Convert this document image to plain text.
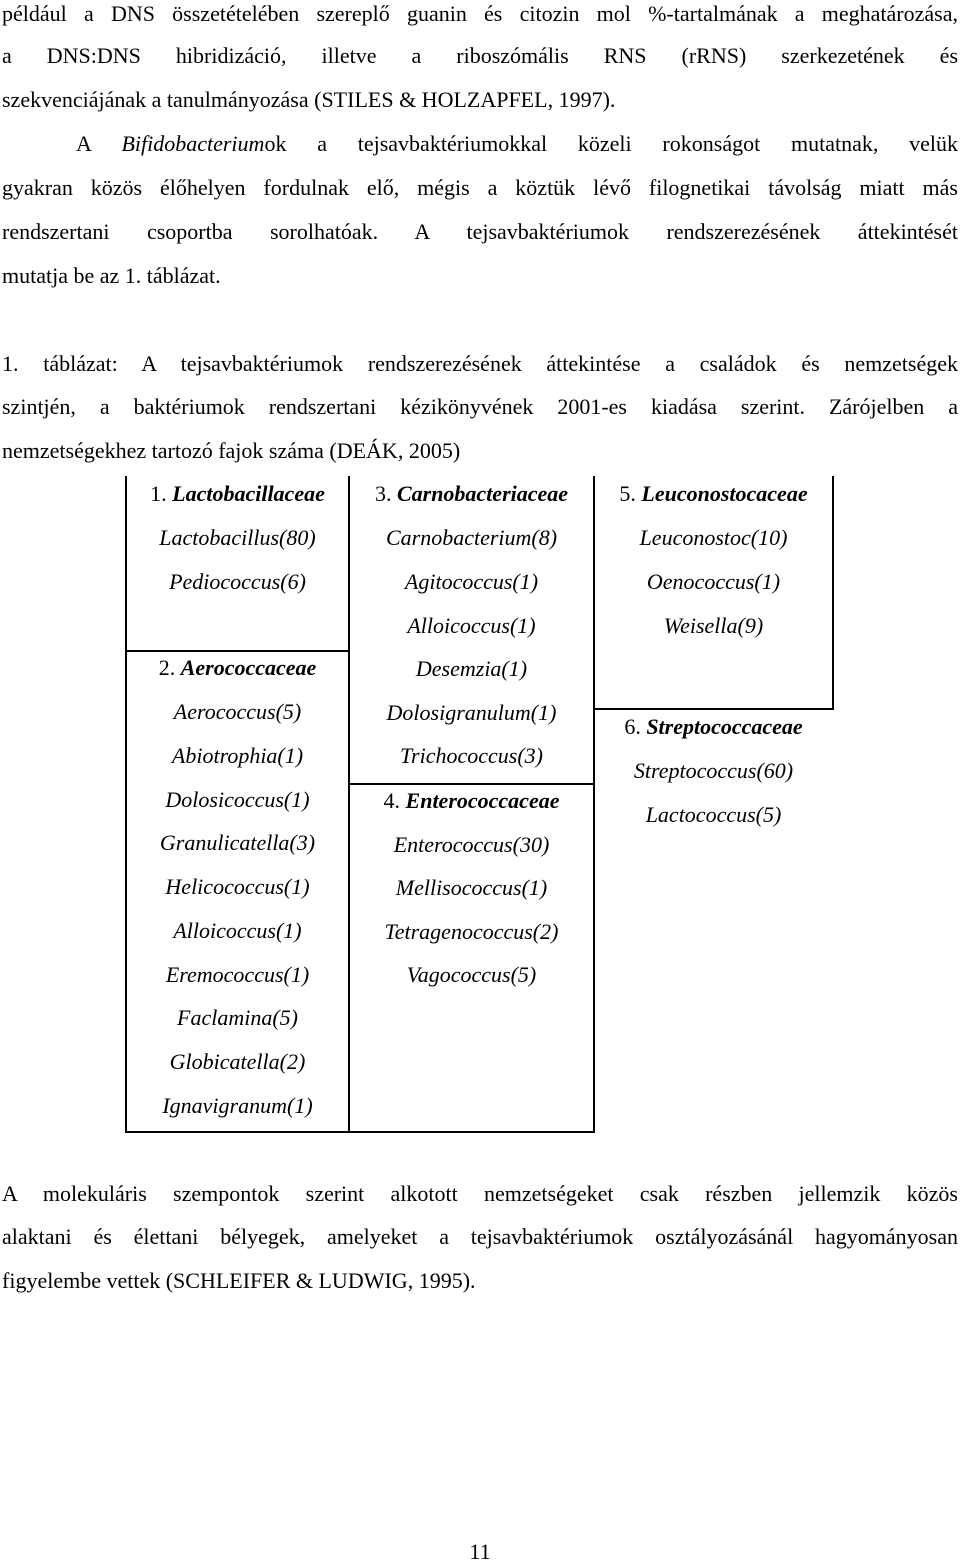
például a DNS összetételében szereplő guanin és citozin mol %-tartalmának a meghatározása,
a DNS:DNS hibridizáció, illetve a riboszómális RNS (rRNS) szerkezetének és
szekvenciájának a tanulmányozása (STILES & HOLZAPFEL, 1997).
A Bifidobacteriumok a tejsavbaktériumokkal közeli rokonságot mutatnak, velük
gyakran közös élőhelyen fordulnak elő, mégis a köztük lévő filognetikai távolság miatt más
rendszertani csoportba sorolhatóak. A tejsavbaktériumok rendszerezésének áttekintését
mutatja be az 1. táblázat.
1. táblázat: A tejsavbaktériumok rendszerezésének áttekintése a családok és nemzetségek
szintjén, a baktériumok rendszertani kézikönyvének 2001-es kiadása szerint. Zárójelben a
nemzetségekhez tartozó fajok száma (DEÁK, 2005)
1. Lactobacillaceae
Lactobacillus(80)
Pediococcus(6)
2. Aerococcaceae
Aerococcus(5)
Abiotrophia(1)
Dolosicoccus(1)
Granulicatella(3)
Helicococcus(1)
Alloicoccus(1)
Eremococcus(1)
Faclamina(5)
Globicatella(2)
Ignavigranum(1)
3. Carnobacteriaceae
Carnobacterium(8)
Agitococcus(1)
Alloicoccus(1)
Desemzia(1)
Dolosigranulum(1)
Trichococcus(3)
4. Enterococcaceae
Enterococcus(30)
Mellisococcus(1)
Tetragenococcus(2)
Vagococcus(5)
5. Leuconostocaceae
Leuconostoc(10)
Oenococcus(1)
Weisella(9)
6. Streptococcaceae
Streptococcus(60)
Lactococcus(5)
A molekuláris szempontok szerint alkotott nemzetségeket csak részben jellemzik közös
alaktani és élettani bélyegek, amelyeket a tejsavbaktériumok osztályozásánál hagyományosan
figyelembe vettek (SCHLEIFER & LUDWIG, 1995).
11
